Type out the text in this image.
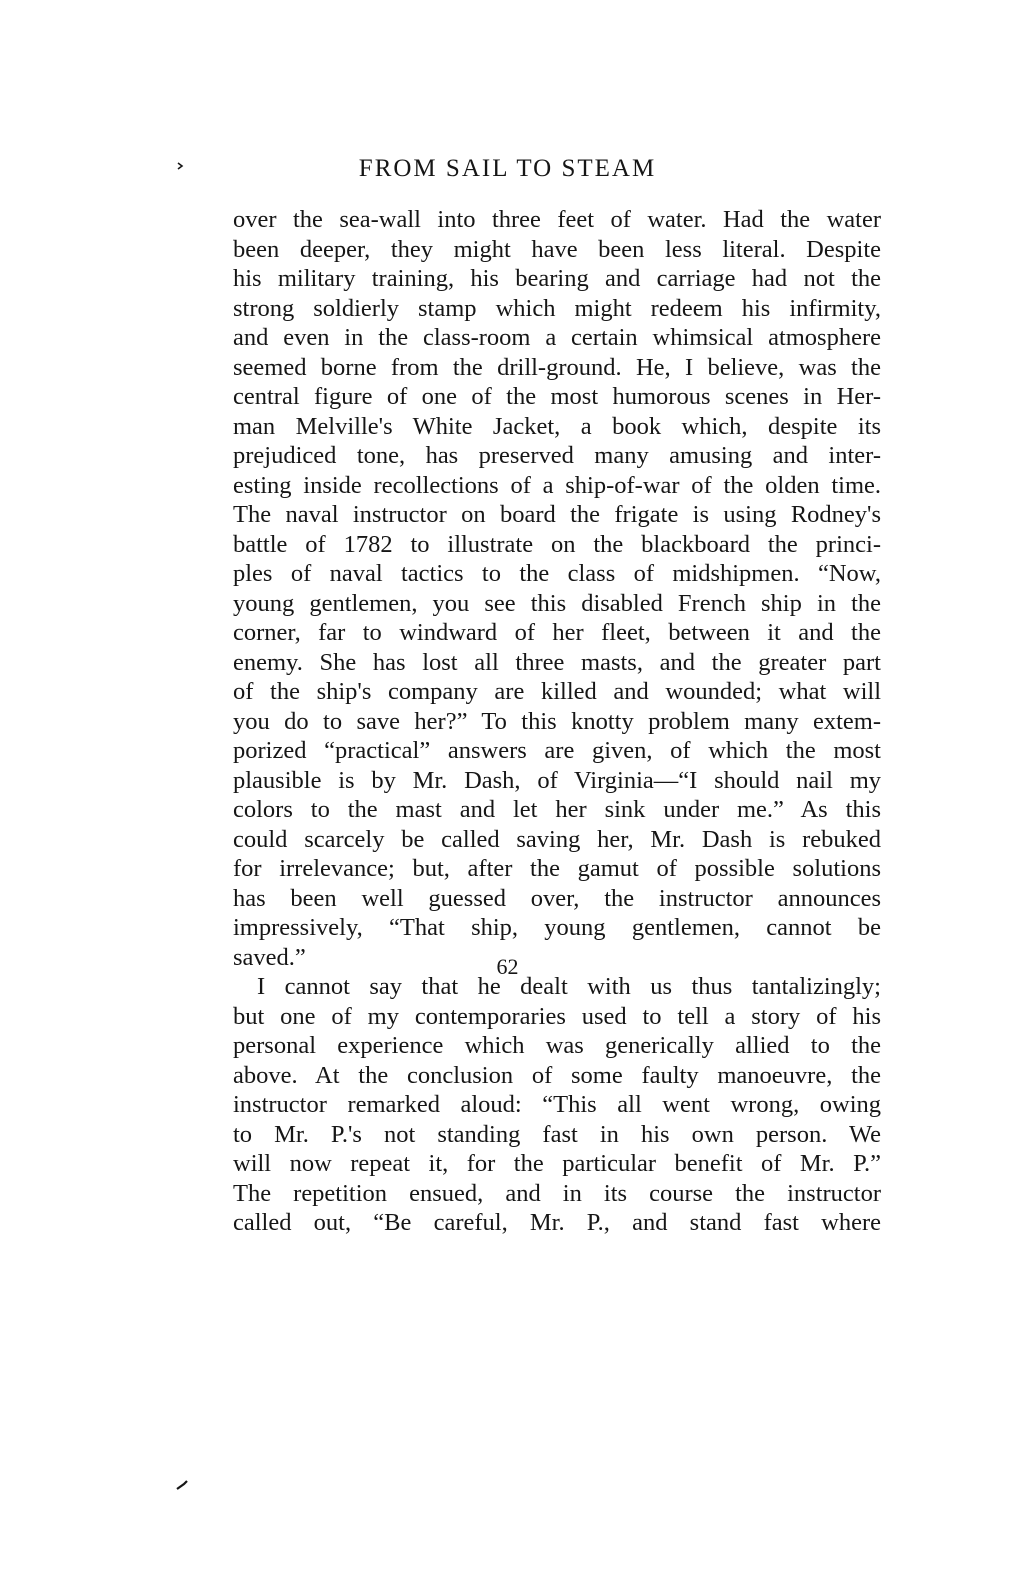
FROM SAIL TO STEAM
over the sea-wall into three feet of water. Had the water
been deeper, they might have been less literal. Despite
his military training, his bearing and carriage had not the
strong soldierly stamp which might redeem his infirmity,
and even in the class-room a certain whimsical atmosphere
seemed borne from the drill-ground. He, I believe, was the
central figure of one of the most humorous scenes in Her-
man Melville's White Jacket, a book which, despite its
prejudiced tone, has preserved many amusing and inter-
esting inside recollections of a ship-of-war of the olden time.
The naval instructor on board the frigate is using Rodney's
battle of 1782 to illustrate on the blackboard the princi-
ples of naval tactics to the class of midshipmen. “Now,
young gentlemen, you see this disabled French ship in the
corner, far to windward of her fleet, between it and the
enemy. She has lost all three masts, and the greater part
of the ship's company are killed and wounded; what will
you do to save her?” To this knotty problem many extem-
porized “practical” answers are given, of which the most
plausible is by Mr. Dash, of Virginia—“I should nail my
colors to the mast and let her sink under me.” As this
could scarcely be called saving her, Mr. Dash is rebuked
for irrelevance; but, after the gamut of possible solutions
has been well guessed over, the instructor announces
impressively, “That ship, young gentlemen, cannot be
saved.”
I cannot say that he dealt with us thus tantalizingly;
but one of my contemporaries used to tell a story of his
personal experience which was generically allied to the
above. At the conclusion of some faulty manoeuvre, the
instructor remarked aloud: “This all went wrong, owing
to Mr. P.'s not standing fast in his own person. We
will now repeat it, for the particular benefit of Mr. P.”
The repetition ensued, and in its course the instructor
called out, “Be careful, Mr. P., and stand fast where
62
